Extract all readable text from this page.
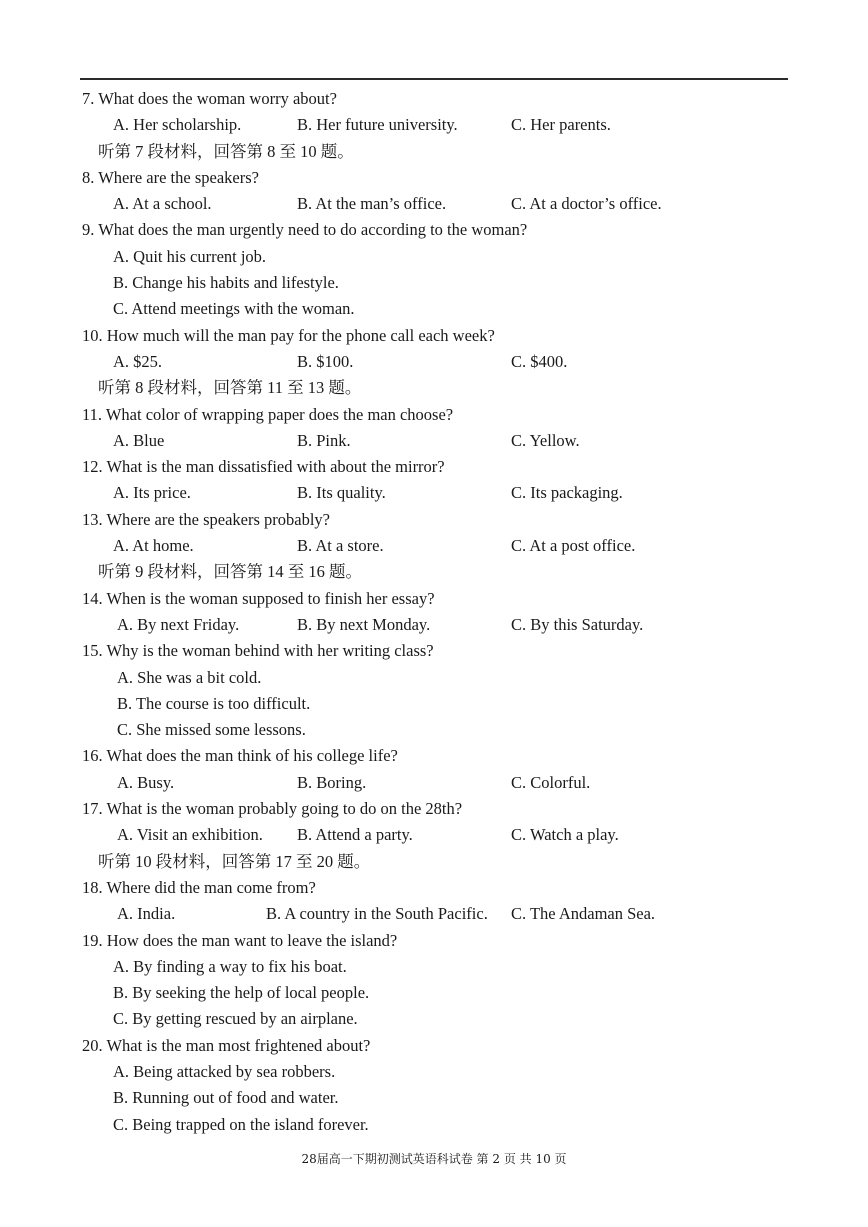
7. What does the woman worry about?
A. Her scholarship.	B. Her future university.	C. Her parents.
听第 7 段材料，回答第 8 至 10 题。
8. Where are the speakers?
A. At a school.	B. At the man’s office.	C. At a doctor’s office.
9. What does the man urgently need to do according to the woman?
A. Quit his current job.
B. Change his habits and lifestyle.
C. Attend meetings with the woman.
10. How much will the man pay for the phone call each week?
A. $25.	B. $100.	C. $400.
听第 8 段材料，回答第 11 至 13 题。
11. What color of wrapping paper does the man choose?
A. Blue	B. Pink.	C. Yellow.
12. What is the man dissatisfied with about the mirror?
A. Its price.	B. Its quality.	C. Its packaging.
13. Where are the speakers probably?
A. At home.	B. At a store.	C. At a post office.
听第 9 段材料，回答第 14 至 16 题。
14. When is the woman supposed to finish her essay?
A. By next Friday.	B. By next Monday.	C. By this Saturday.
15. Why is the woman behind with her writing class?
A. She was a bit cold.
B. The course is too difficult.
C. She missed some lessons.
16. What does the man think of his college life?
A. Busy.	B. Boring.	C. Colorful.
17. What is the woman probably going to do on the 28th?
A. Visit an exhibition. B. Attend a party.	C. Watch a play.
听第 10 段材料，回答第 17 至 20 题。
18. Where did the man come from?
A. India.	B. A country in the South Pacific. C. The Andaman Sea.
19. How does the man want to leave the island?
A. By finding a way to fix his boat.
B. By seeking the help of local people.
C. By getting rescued by an airplane.
20. What is the man most frightened about?
A. Being attacked by sea robbers.
B. Running out of food and water.
C. Being trapped on the island forever.
28届高一下期初测试英语科试卷 第 2 页 共 10 页
